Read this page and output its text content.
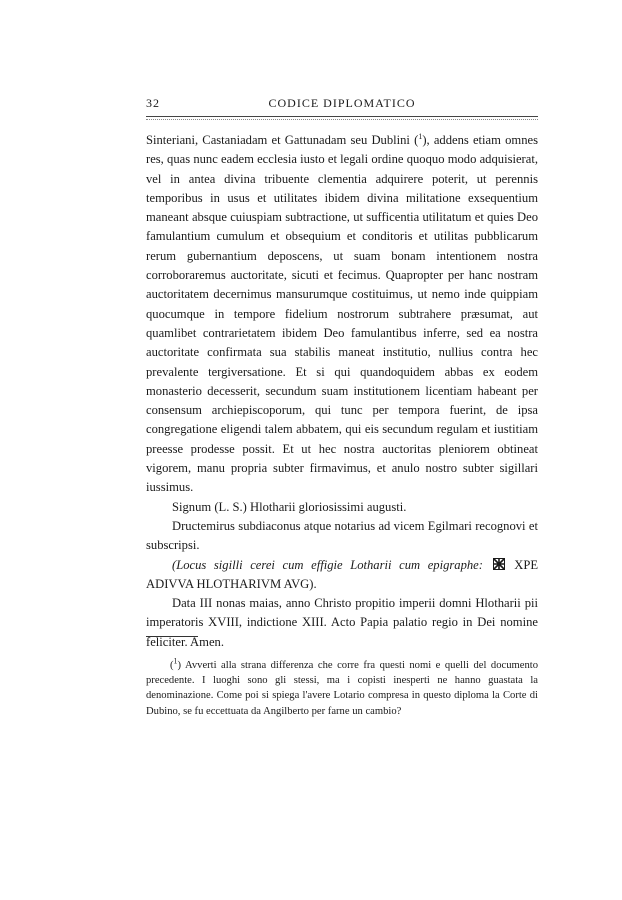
32	CODICE DIPLOMATICO

Sinteriani, Castaniadam et Gattunadam seu Dublini ($^1$), addens etiam omnes res, quas nunc eadem ecclesia iusto et legali ordine quoquo modo adquisierat, vel in antea divina tribuente clementia adquirere poterit, ut perennis temporibus in usus et utilitates ibidem divina militatione exsequentium maneant absque cuiuspiam subtractione, ut sufficentia utilitatum et quies Deo famulantium cumulum et obsequium et conditoris et utilitas pubblicarum rerum gubernantium deposcens, ut suam bonam intentionem nostra corroboraremus auctoritate, sicuti et fecimus. Quapropter per hanc nostram auctoritatem decernimus mansurumque costituimus, ut nemo inde quippiam quocumque in tempore fidelium nostrorum subtrahere præsumat, aut quamlibet contrarietatem ibidem Deo famulantibus inferre, sed ea nostra auctoritate confirmata sua stabilis maneat institutio, nullius contra hec prevalente tergiversatione. Et si qui quandoquidem abbas ex eodem monasterio decesserit, secundum suam institutionem licentiam habeant per consensum archiepiscoporum, qui tunc per tempora fuerint, de ipsa congregatione eligendi talem abbatem, qui eis secundum regulam et iustitiam preesse prodesse possit. Et ut hec nostra auctoritas pleniorem obtineat vigorem, manu propria subter firmavimus, et anulo nostro subter sigillari iussimus.

Signum (L. S.) Hlotharii gloriosissimi augusti.

Dructemirus subdiaconus atque notarius ad vicem Egilmari recognovi et subscripsi.

(Locus sigilli cerei cum effigie Lotharii cum epigraphe: XPE ADIVVA HLOTHARIVM AVG).

Data III nonas maias, anno Christo propitio imperii domni Hlotharii pii imperatoris XVIII, indictione XIII. Acto Papia palatio regio in Dei nomine feliciter. Amen.

($^1$) Avverti alla strana differenza che corre fra questi nomi e quelli del documento precedente. I luoghi sono gli stessi, ma i copisti inesperti ne hanno guastata la denominazione. Come poi si spiega l'avere Lotario compresa in questo diploma la Corte di Dubino, se fu eccettuata da Angilberto per farne un cambio?
